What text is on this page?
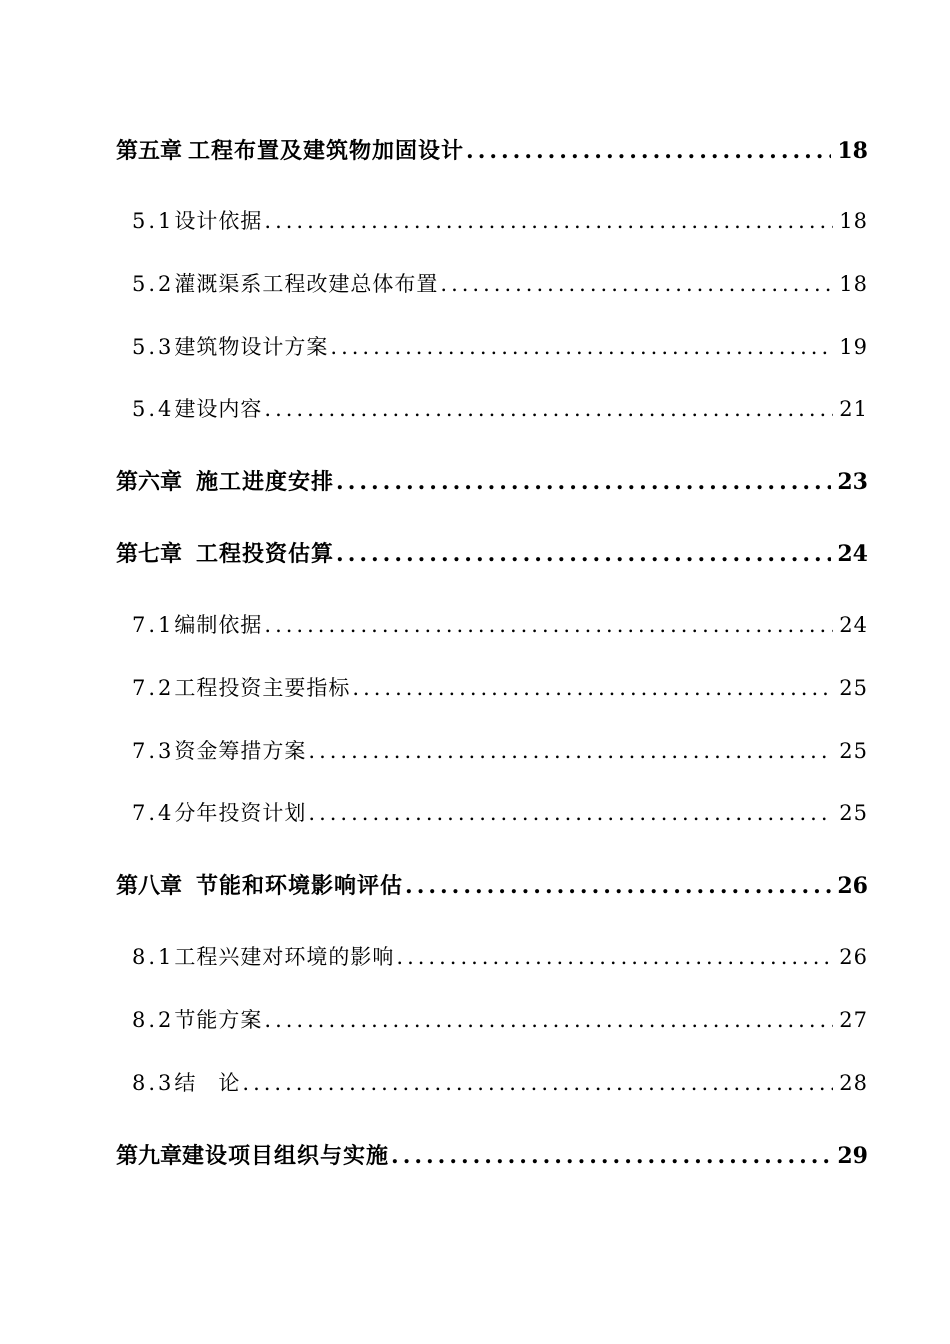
第五章 工程布置及建筑物加固设计 .....	18
5.1 设计依据 .....	18
5.2 灌溉渠系工程改建总体布置 .....	18
5.3 建筑物设计方案 .....	19
5.4 建设内容 .....	21
第六章 施工进度安排 .....	23
第七章 工程投资估算 .....	24
7.1 编制依据 .....	24
7.2 工程投资主要指标 .....	25
7.3 资金筹措方案 .....	25
7.4 分年投资计划 .....	25
第八章 节能和环境影响评估 .....	26
8.1 工程兴建对环境的影响 .....	26
8.2 节能方案 .....	27
8.3 结　论 .....	28
第九章 建设项目组织与实施 .....	29
